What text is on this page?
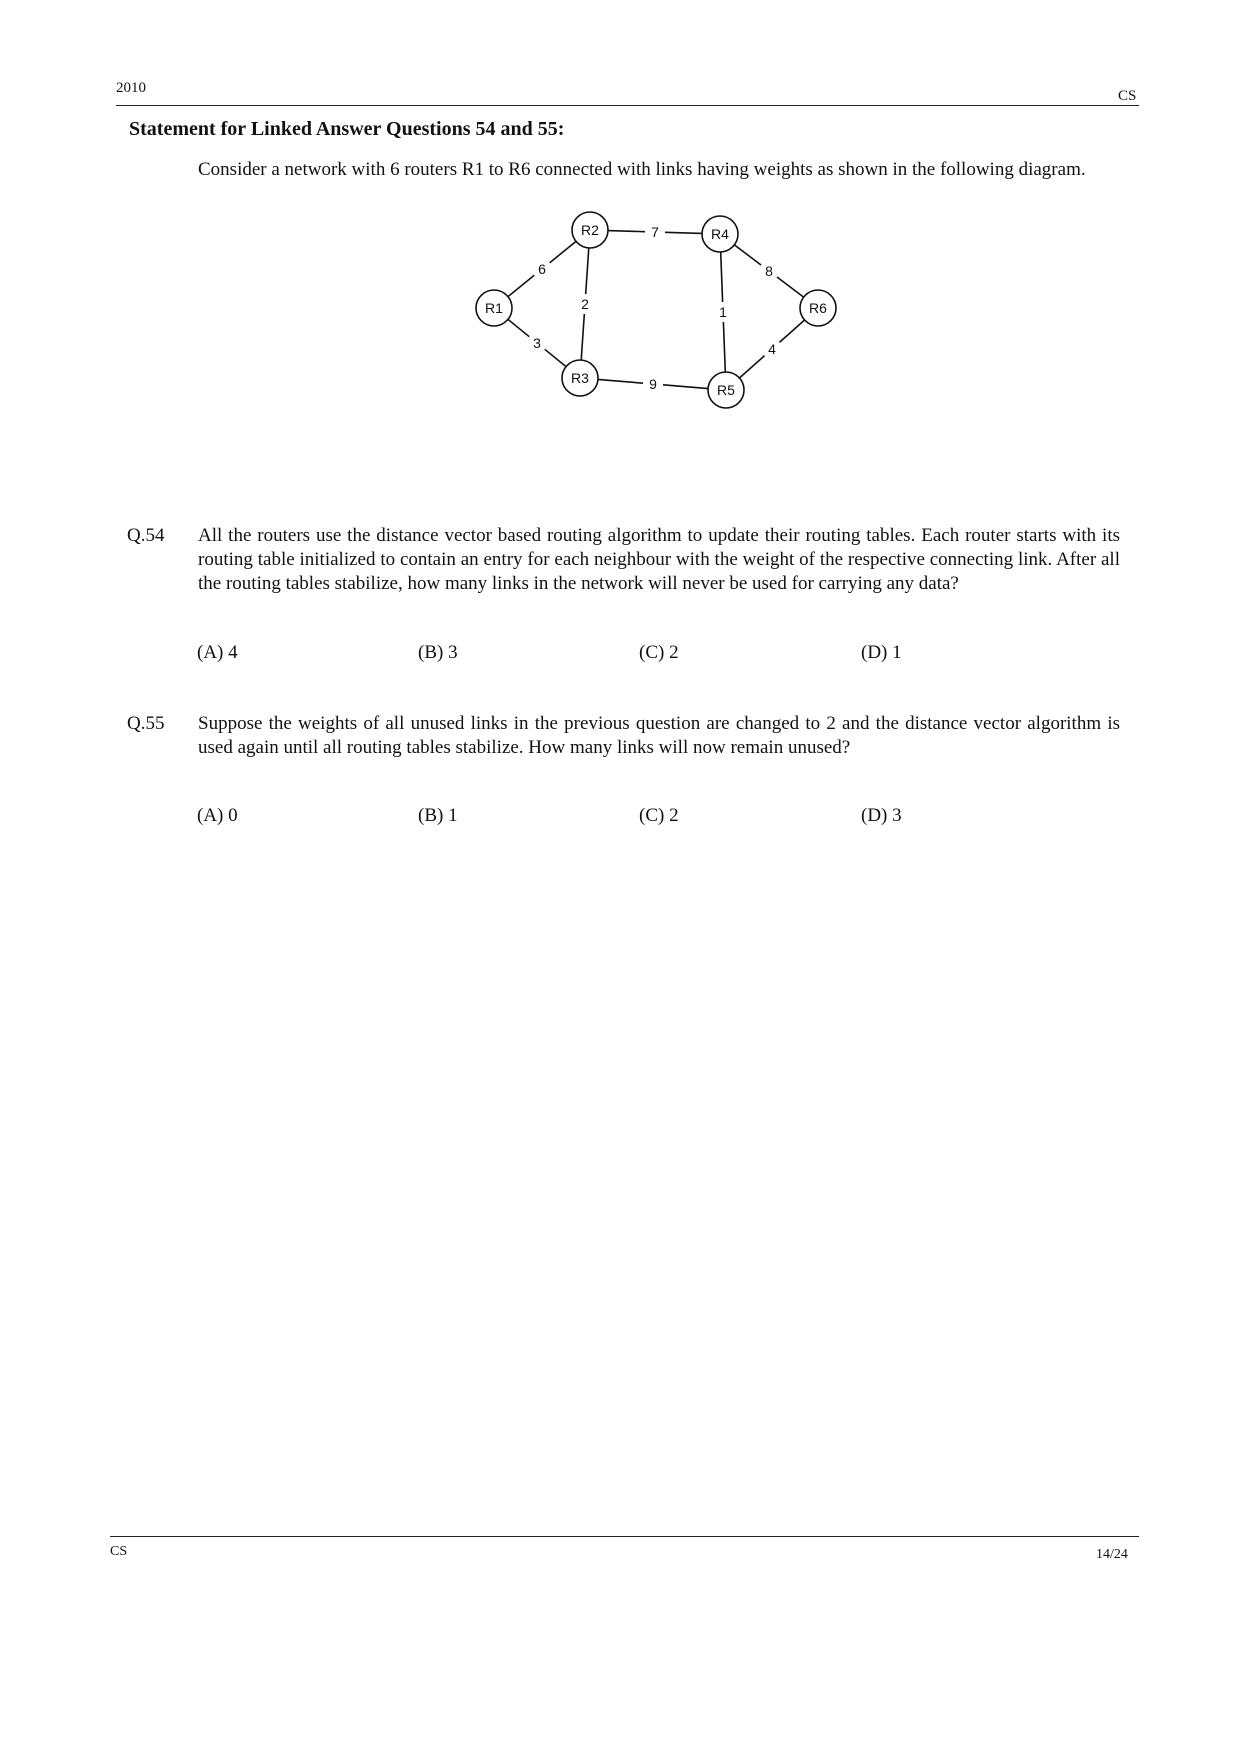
2010	CS
Statement for Linked Answer Questions 54 and 55:
Consider a network with 6 routers R1 to R6 connected with links having weights as shown in the following diagram.
6
3
2
7
9
1
8
4
R1
R2
R3
R4
R5
R6
Q.54	All the routers use the distance vector based routing algorithm to update their routing tables. Each router starts with its routing table initialized to contain an entry for each neighbour with the weight of the respective connecting link. After all the routing tables stabilize, how many links in the network will never be used for carrying any data?
(A) 4	(B) 3	(C) 2	(D) 1
Q.55	Suppose the weights of all unused links in the previous question are changed to 2 and the distance vector algorithm is used again until all routing tables stabilize. How many links will now remain unused?
(A) 0	(B) 1	(C) 2	(D) 3
CS	14/24
